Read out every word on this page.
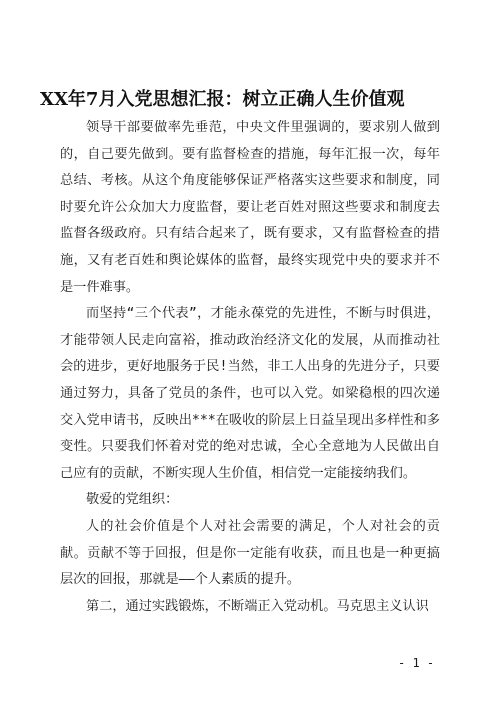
XX年7月入党思想汇报：树立正确人生价值观

领导干部要做率先垂范，中央文件里强调的，要求别人做到的，自己要先做到。要有监督检查的措施，每年汇报一次，每年总结、考核。从这个角度能够保证严格落实这些要求和制度，同时要允许公众加大力度监督，要让老百姓对照这些要求和制度去监督各级政府。只有结合起来了，既有要求，又有监督检查的措施，又有老百姓和舆论媒体的监督，最终实现党中央的要求并不是一件难事。

而坚持“三个代表”，才能永葆党的先进性，不断与时俱进，才能带领人民走向富裕，推动政治经济文化的发展，从而推动社会的进步，更好地服务于民!当然，非工人出身的先进分子，只要通过努力，具备了党员的条件，也可以入党。如梁稳根的四次递交入党申请书，反映出***在吸收的阶层上日益呈现出多样性和多变性。只要我们怀着对党的绝对忠诚，全心全意地为人民做出自己应有的贡献，不断实现人生价值，相信党一定能接纳我们。

敬爱的党组织：

人的社会价值是个人对社会需要的满足，个人对社会的贡献。贡献不等于回报，但是你一定能有收获，而且也是一种更搞层次的回报，那就是——个人素质的提升。

第二，通过实践锻炼，不断端正入党动机。马克思主义认识

- 1 -
